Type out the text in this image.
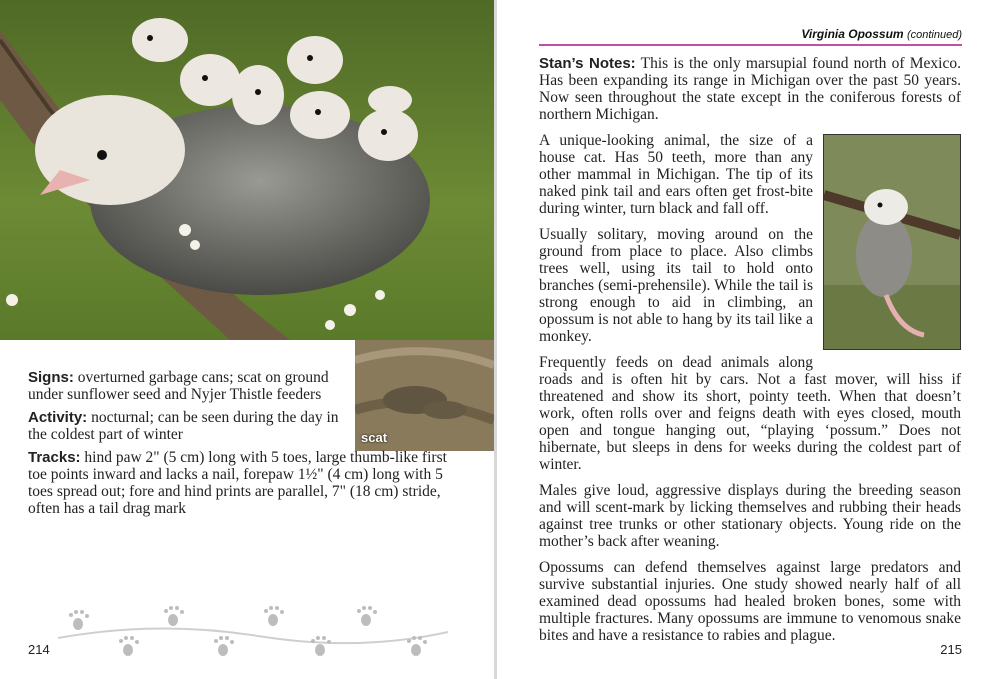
scat

Signs: overturned garbage cans; scat on ground under sunflower seed and Nyjer Thistle feeders

Activity: nocturnal; can be seen during the day in the coldest part of winter

Tracks: hind paw 2" (5 cm) long with 5 toes, large thumb-like first toe points inward and lacks a nail, forepaw 1½" (4 cm) long with 5 toes spread out; fore and hind prints are parallel, 7" (18 cm) stride, often has a tail drag mark

214
Virginia Opossum (continued)

Stan’s Notes: This is the only marsupial found north of Mexico. Has been expanding its range in Michigan over the past 50 years. Now seen throughout the state except in the coniferous forests of northern Michigan.

A unique-looking animal, the size of a house cat. Has 50 teeth, more than any other mammal in Michigan. The tip of its naked pink tail and ears often get frost-bite during winter, turn black and fall off.

Usually solitary, moving around on the ground from place to place. Also climbs trees well, using its tail to hold onto branches (semi-prehensile). While the tail is strong enough to aid in climbing, an opossum is not able to hang by its tail like a monkey.

Frequently feeds on dead animals along roads and is often hit by cars. Not a fast mover, will hiss if threatened and show its short, pointy teeth. When that doesn’t work, often rolls over and feigns death with eyes closed, mouth open and tongue hanging out, “playing ‘possum.” Does not hibernate, but sleeps in dens for weeks during the coldest part of winter.

Males give loud, aggressive displays during the breeding season and will scent-mark by licking themselves and rubbing their heads against tree trunks or other stationary objects. Young ride on the mother’s back after weaning.

Opossums can defend themselves against large predators and survive substantial injuries. One study showed nearly half of all examined dead opossums had healed broken bones, some with multiple fractures. Many opossums are immune to venomous snake bites and have a resistance to rabies and plague.

215
